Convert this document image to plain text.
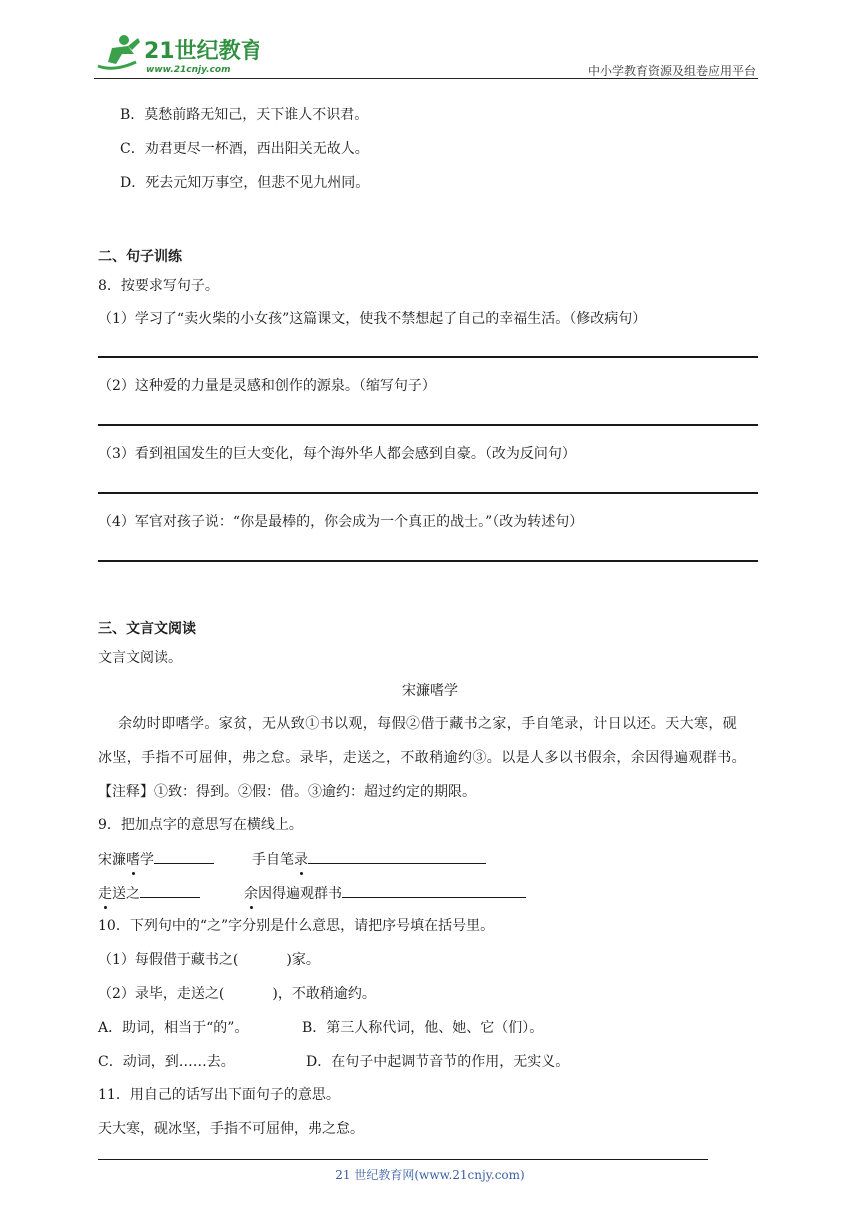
21世纪教育
www.21cnjy.com	中小学教育资源及组卷应用平台
B．莫愁前路无知己，天下谁人不识君。
C．劝君更尽一杯酒，西出阳关无故人。
D．死去元知万事空，但悲不见九州同。
二、句子训练
8．按要求写句子。
（1）学习了“卖火柴的小女孩”这篇课文，使我不禁想起了自己的幸福生活。（修改病句）
（2）这种爱的力量是灵感和创作的源泉。（缩写句子）
（3）看到祖国发生的巨大变化，每个海外华人都会感到自豪。（改为反问句）
（4）军官对孩子说：“你是最棒的，你会成为一个真正的战士。”（改为转述句）
三、文言文阅读
文言文阅读。
宋濂嗜学
余幼时即嗜学。家贫，无从致①书以观，每假②借于藏书之家，手自笔录，计日以还。天大寒，砚
冰坚，手指不可屈伸，弗之怠。录毕，走送之，不敢稍逾约③。以是人多以书假余，余因得遍观群书。
【注释】①致：得到。②假：借。③逾约：超过约定的期限。
9．把加点字的意思写在横线上。
宋濂嗜学	手自笔录
走送之	余因得遍观群书
10．下列句中的“之”字分别是什么意思，请把序号填在括号里。
（1）每假借于藏书之(	)家。
（2）录毕，走送之(	)，不敢稍逾约。
A．助词，相当于“的”。	B．第三人称代词，他、她、它（们）。
C．动词，到……去。	D．在句子中起调节音节的作用，无实义。
11．用自己的话写出下面句子的意思。
天大寒，砚冰坚，手指不可屈伸，弗之怠。
21 世纪教育网(www.21cnjy.com)
